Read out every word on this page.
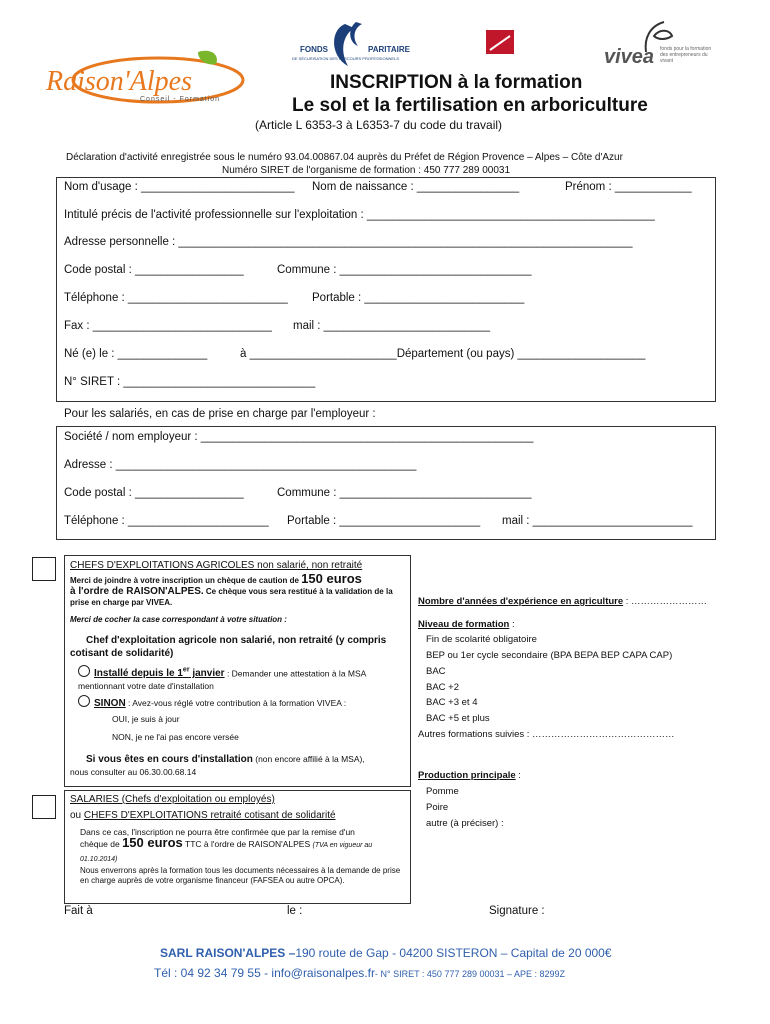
Raison'Alpes
Conseil - Formation
FONDS	PARITAIRE
DE SÉCURISATION DES PARCOURS PROFESSIONNELS	vivea fonds pour la formation des entrepreneurs du vivant
INSCRIPTION à la formation
Le sol et la fertilisation en arboriculture
(Article L 6353-3 à L6353-7 du code du travail)
Déclaration d'activité enregistrée sous le numéro 93.04.00867.04 auprès du Préfet de Région Provence – Alpes – Côte d'Azur
Numéro SIRET de l'organisme de formation : 450 777 289 00031
Nom d'usage : ________________________ Nom de naissance : ________________	Prénom : ____________
Intitulé précis de l'activité professionnelle sur l'exploitation : _____________________________________________
Adresse personnelle : _______________________________________________________________________
Code postal : _________________	Commune : ______________________________
Téléphone : _________________________ Portable : _________________________
Fax : ____________________________ mail : __________________________
Né (e) le : ______________	à _______________________Département (ou pays) ____________________
N° SIRET : ______________________________
Pour les salariés, en cas de prise en charge par l'employeur :
Société / nom employeur : ____________________________________________________
Adresse : _______________________________________________
Code postal : _________________	Commune : ______________________________
Téléphone : ______________________ Portable : ______________________ mail : _________________________
CHEFS D'EXPLOITATIONS AGRICOLES non salarié, non retraité
Merci de joindre à votre inscription un chèque de caution de 150 euros
à l'ordre de RAISON'ALPES. Ce chèque vous sera restitué à la validation de la prise en charge par VIVEA.
Merci de cocher la case correspondant à votre situation :
Chef d'exploitation agricole non salarié, non retraité (y compris cotisant de solidarité)
Installé depuis le 1er janvier : Demander une attestation à la MSA mentionnant votre date d'installation
SINON : Avez-vous réglé votre contribution à la formation VIVEA :
OUI, je suis à jour
NON, je ne l'ai pas encore versée
Si vous êtes en cours d'installation (non encore affilié à la MSA),
nous consulter au 06.30.00.68.14
SALARIES (Chefs d'exploitation ou employés)
ou CHEFS D'EXPLOITATIONS retraité cotisant de solidarité
Dans ce cas, l'inscription ne pourra être confirmée que par la remise d'un
chèque de 150 euros TTC à l'ordre de RAISON'ALPES (TVA en vigueur au 01.10.2014)
Nous enverrons après la formation tous les documents nécessaires à la demande de prise en charge auprès de votre organisme financeur (FAFSEA ou autre OPCA).
Nombre d'années d'expérience en agriculture : ……………………
Niveau de formation :
Fin de scolarité obligatoire
BEP ou 1er cycle secondaire (BPA BEPA BEP CAPA CAP)
BAC
BAC +2
BAC +3 et 4
BAC +5 et plus
Autres formations suivies : ………………………………………
Production principale :
Pomme
Poire
autre (à préciser) :
Fait à	le :	Signature :
SARL RAISON'ALPES –190 route de Gap - 04200 SISTERON – Capital de 20 000€
Tél : 04 92 34 79 55 - info@raisonalpes.fr- N° SIRET : 450 777 289 00031 – APE : 8299Z
